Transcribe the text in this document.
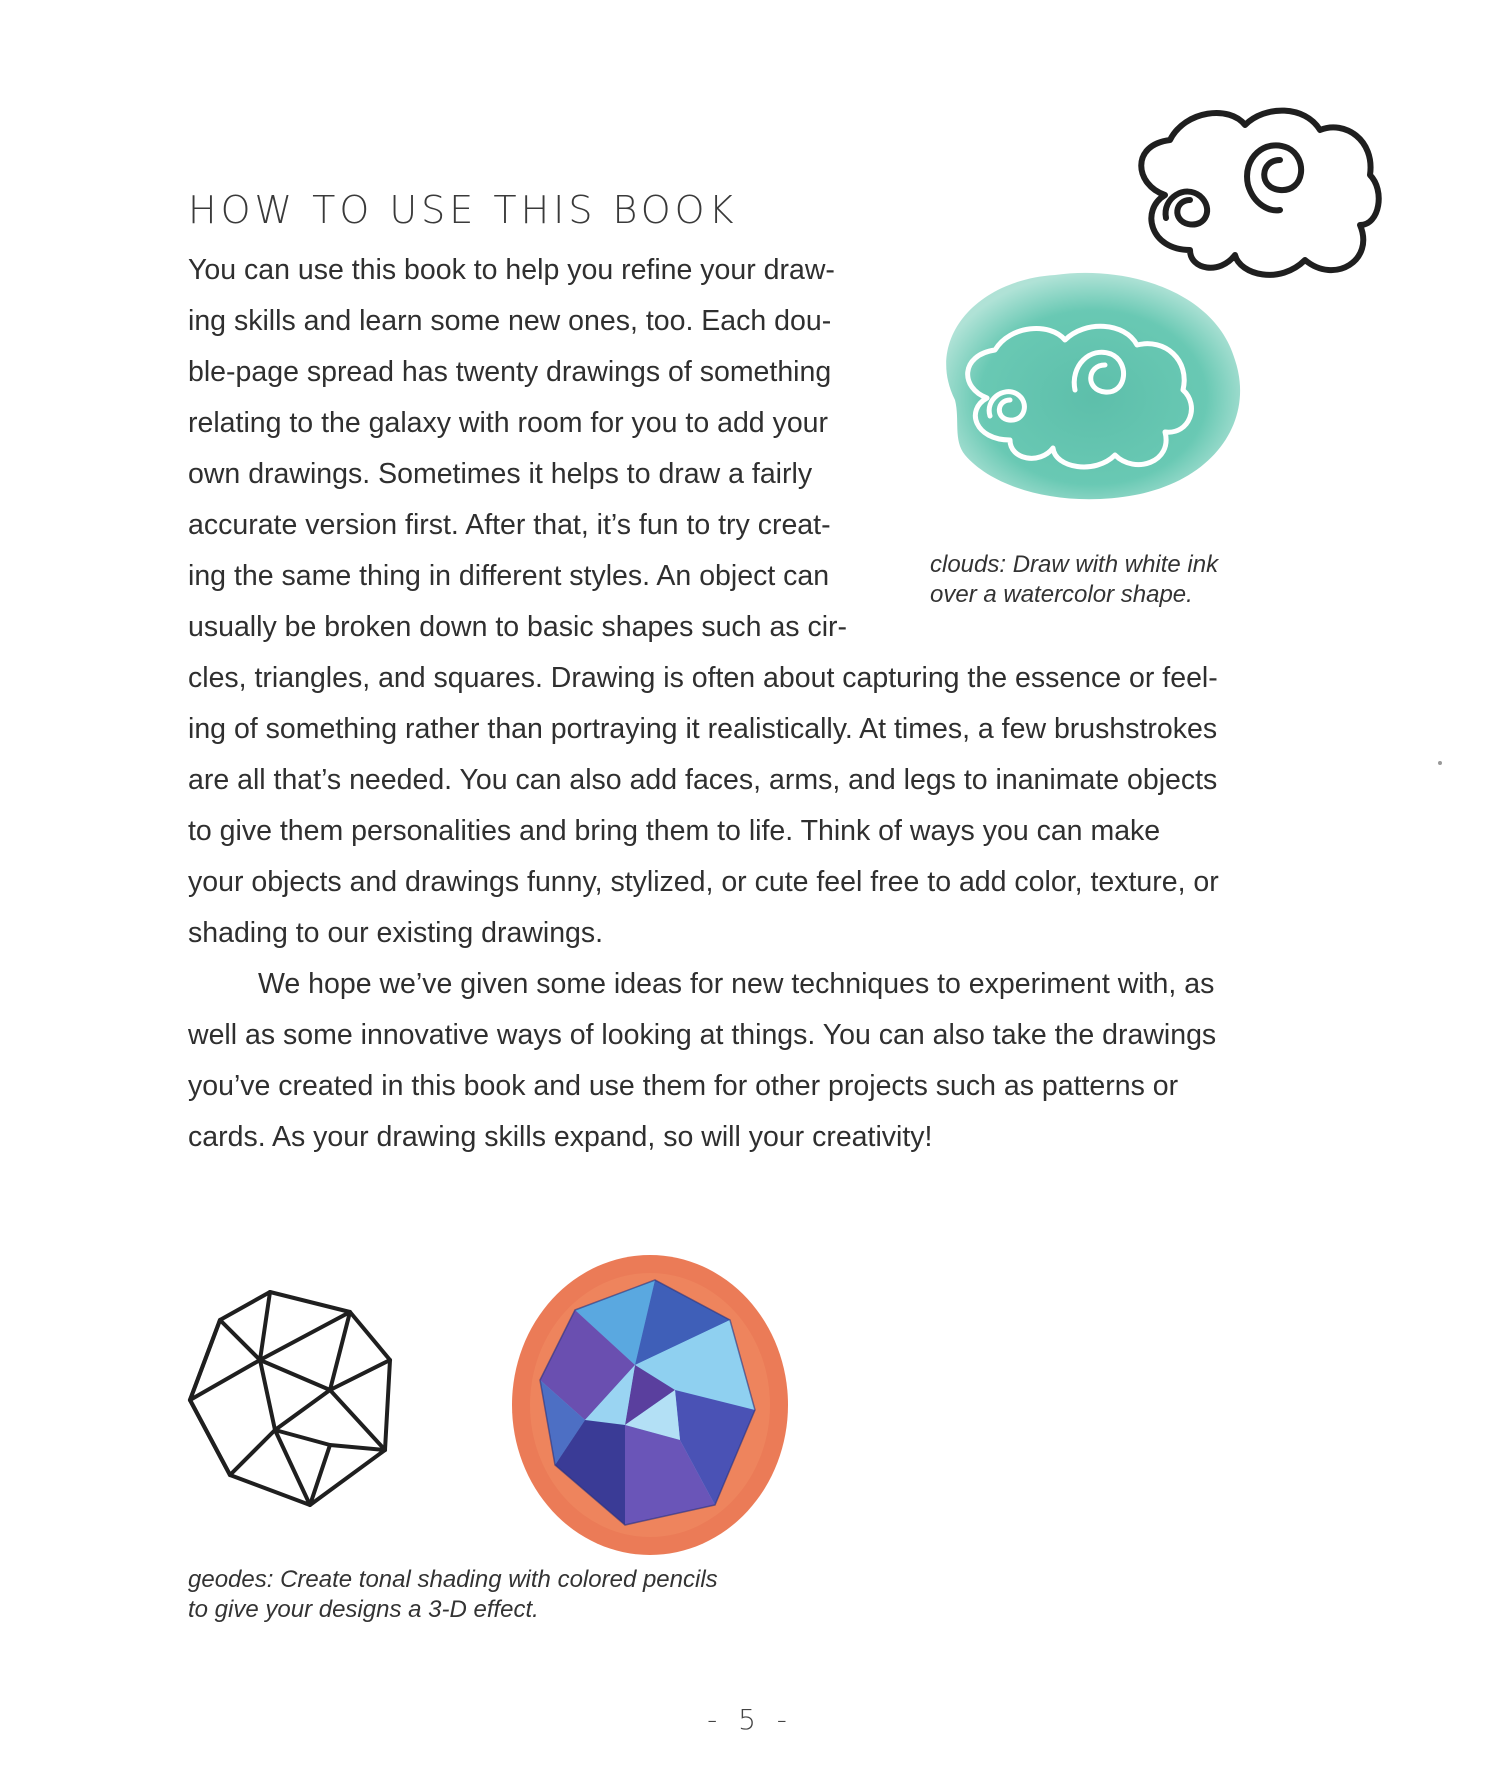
HOW TO USE THIS BOOK
You can use this book to help you refine your draw-
ing skills and learn some new ones, too. Each dou-
ble-page spread has twenty drawings of something
relating to the galaxy with room for you to add your
own drawings. Sometimes it helps to draw a fairly
accurate version first. After that, it’s fun to try creat-
ing the same thing in different styles. An object can
usually be broken down to basic shapes such as cir-
cles, triangles, and squares. Drawing is often about capturing the essence or feel-
ing of something rather than portraying it realistically. At times, a few brushstrokes
are all that’s needed. You can also add faces, arms, and legs to inanimate objects
to give them personalities and bring them to life. Think of ways you can make
your objects and drawings funny, stylized, or cute feel free to add color, texture, or
shading to our existing drawings.
We hope we’ve given some ideas for new techniques to experiment with, as
well as some innovative ways of looking at things. You can also take the drawings
you’ve created in this book and use them for other projects such as patterns or
cards. As your drawing skills expand, so will your creativity!
clouds: Draw with white ink
over a watercolor shape.
geodes: Create tonal shading with colored pencils
to give your designs a 3-D effect.
- 5 -
